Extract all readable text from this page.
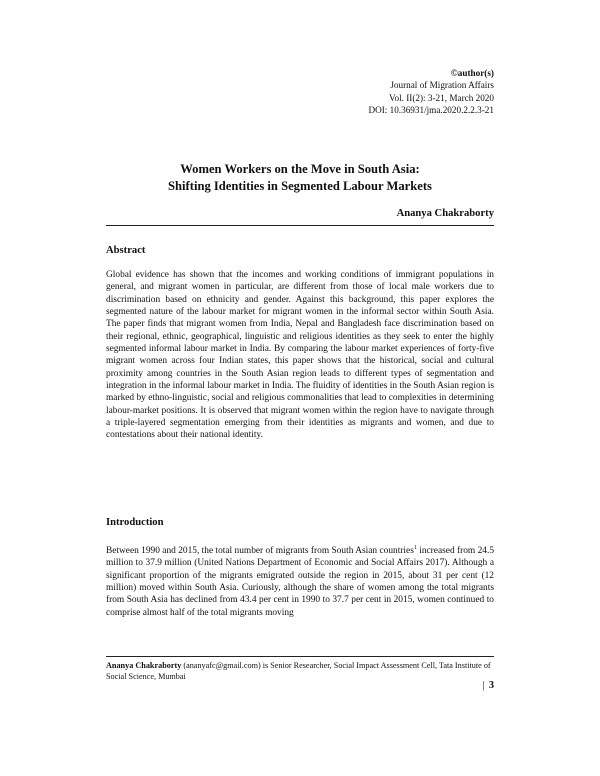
©author(s)
Journal of Migration Affairs
Vol. II(2): 3-21, March 2020
DOI: 10.36931/jma.2020.2.2.3-21
Women Workers on the Move in South Asia:
Shifting Identities in Segmented Labour Markets
Ananya Chakraborty
Abstract

Global evidence has shown that the incomes and working conditions of immigrant populations in general, and migrant women in particular, are different from those of local male workers due to discrimination based on ethnicity and gender. Against this background, this paper explores the segmented nature of the labour market for migrant women in the informal sector within South Asia. The paper finds that migrant women from India, Nepal and Bangladesh face discrimination based on their regional, ethnic, geographical, linguistic and religious identities as they seek to enter the highly segmented informal labour market in India. By comparing the labour market experiences of forty-five migrant women across four Indian states, this paper shows that the historical, social and cultural proximity among countries in the South Asian region leads to different types of segmentation and integration in the informal labour market in India. The fluidity of identities in the South Asian region is marked by ethno-linguistic, social and religious commonalities that lead to complexities in determining labour-market positions. It is observed that migrant women within the region have to navigate through a triple-layered segmentation emerging from their identities as migrants and women, and due to contestations about their national identity.

Introduction

Between 1990 and 2015, the total number of migrants from South Asian countries$^1$ increased from 24.5 million to 37.9 million (United Nations Department of Economic and Social Affairs 2017). Although a significant proportion of the migrants emigrated outside the region in 2015, about 31 per cent (12 million) moved within South Asia. Curiously, although the share of women among the total migrants from South Asia has declined from 43.4 per cent in 1990 to 37.7 per cent in 2015, women continued to comprise almost half of the total migrants moving

Ananya Chakraborty (ananyafc@gmail.com) is Senior Researcher, Social Impact Assessment Cell, Tata Institute of Social Science, Mumbai
| 3
